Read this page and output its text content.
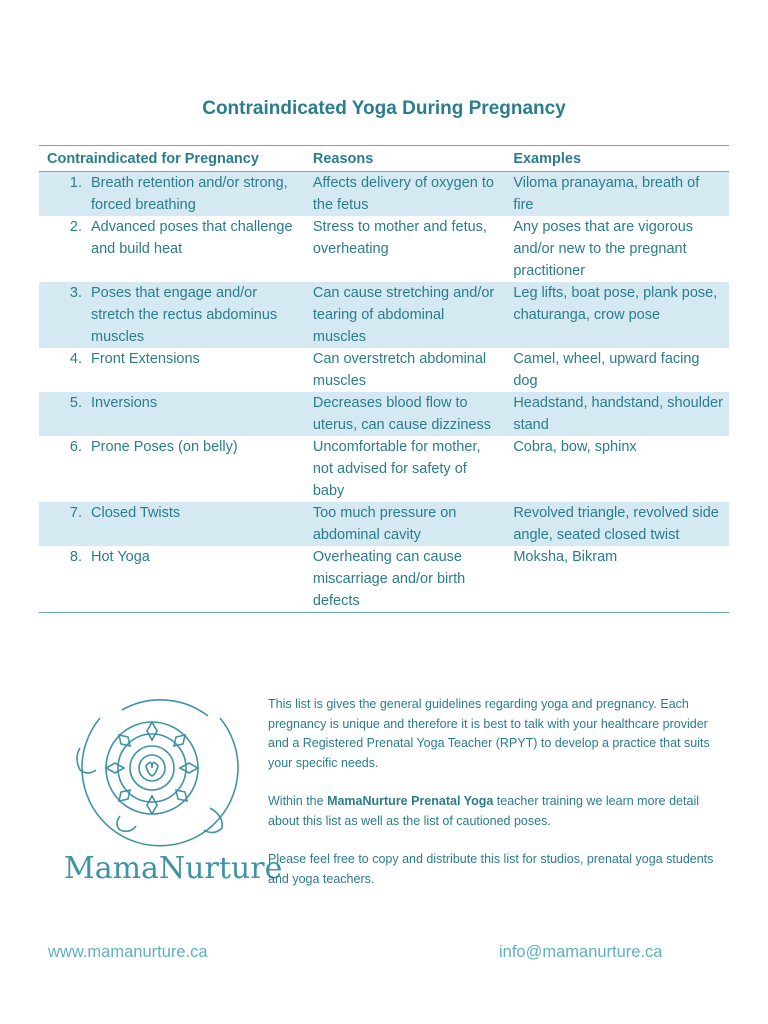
Contraindicated Yoga During Pregnancy
Contraindicated for Pregnancy	Reasons	Examples

1. Breath retention and/or strong, forced breathing	Affects delivery of oxygen to the fetus	Viloma pranayama, breath of fire

2. Advanced poses that challenge and build heat	Stress to mother and fetus, overheating	Any poses that are vigorous and/or new to the pregnant practitioner

3. Poses that engage and/or stretch the rectus abdominus muscles	Can cause stretching and/or tearing of abdominal muscles	Leg lifts, boat pose, plank pose, chaturanga, crow pose

4. Front Extensions	Can overstretch abdominal muscles	Camel, wheel, upward facing dog

5. Inversions	Decreases blood flow to uterus, can cause dizziness	Headstand, handstand, shoulder stand

6. Prone Poses (on belly)	Uncomfortable for mother, not advised for safety of baby	Cobra, bow, sphinx

7. Closed Twists	Too much pressure on abdominal cavity	Revolved triangle, revolved side angle, seated closed twist

8. Hot Yoga	Overheating can cause miscarriage and/or birth defects	Moksha, Bikram
MamaNurture

This list is gives the general guidelines regarding yoga and pregnancy. Each pregnancy is unique and therefore it is best to talk with your healthcare provider and a Registered Prenatal Yoga Teacher (RPYT) to develop a practice that suits your specific needs.

Within the MamaNurture Prenatal Yoga teacher training we learn more detail about this list as well as the list of cautioned poses.

Please feel free to copy and distribute this list for studios, prenatal yoga students and yoga teachers.

www.mamanurture.ca	info@mamanurture.ca
